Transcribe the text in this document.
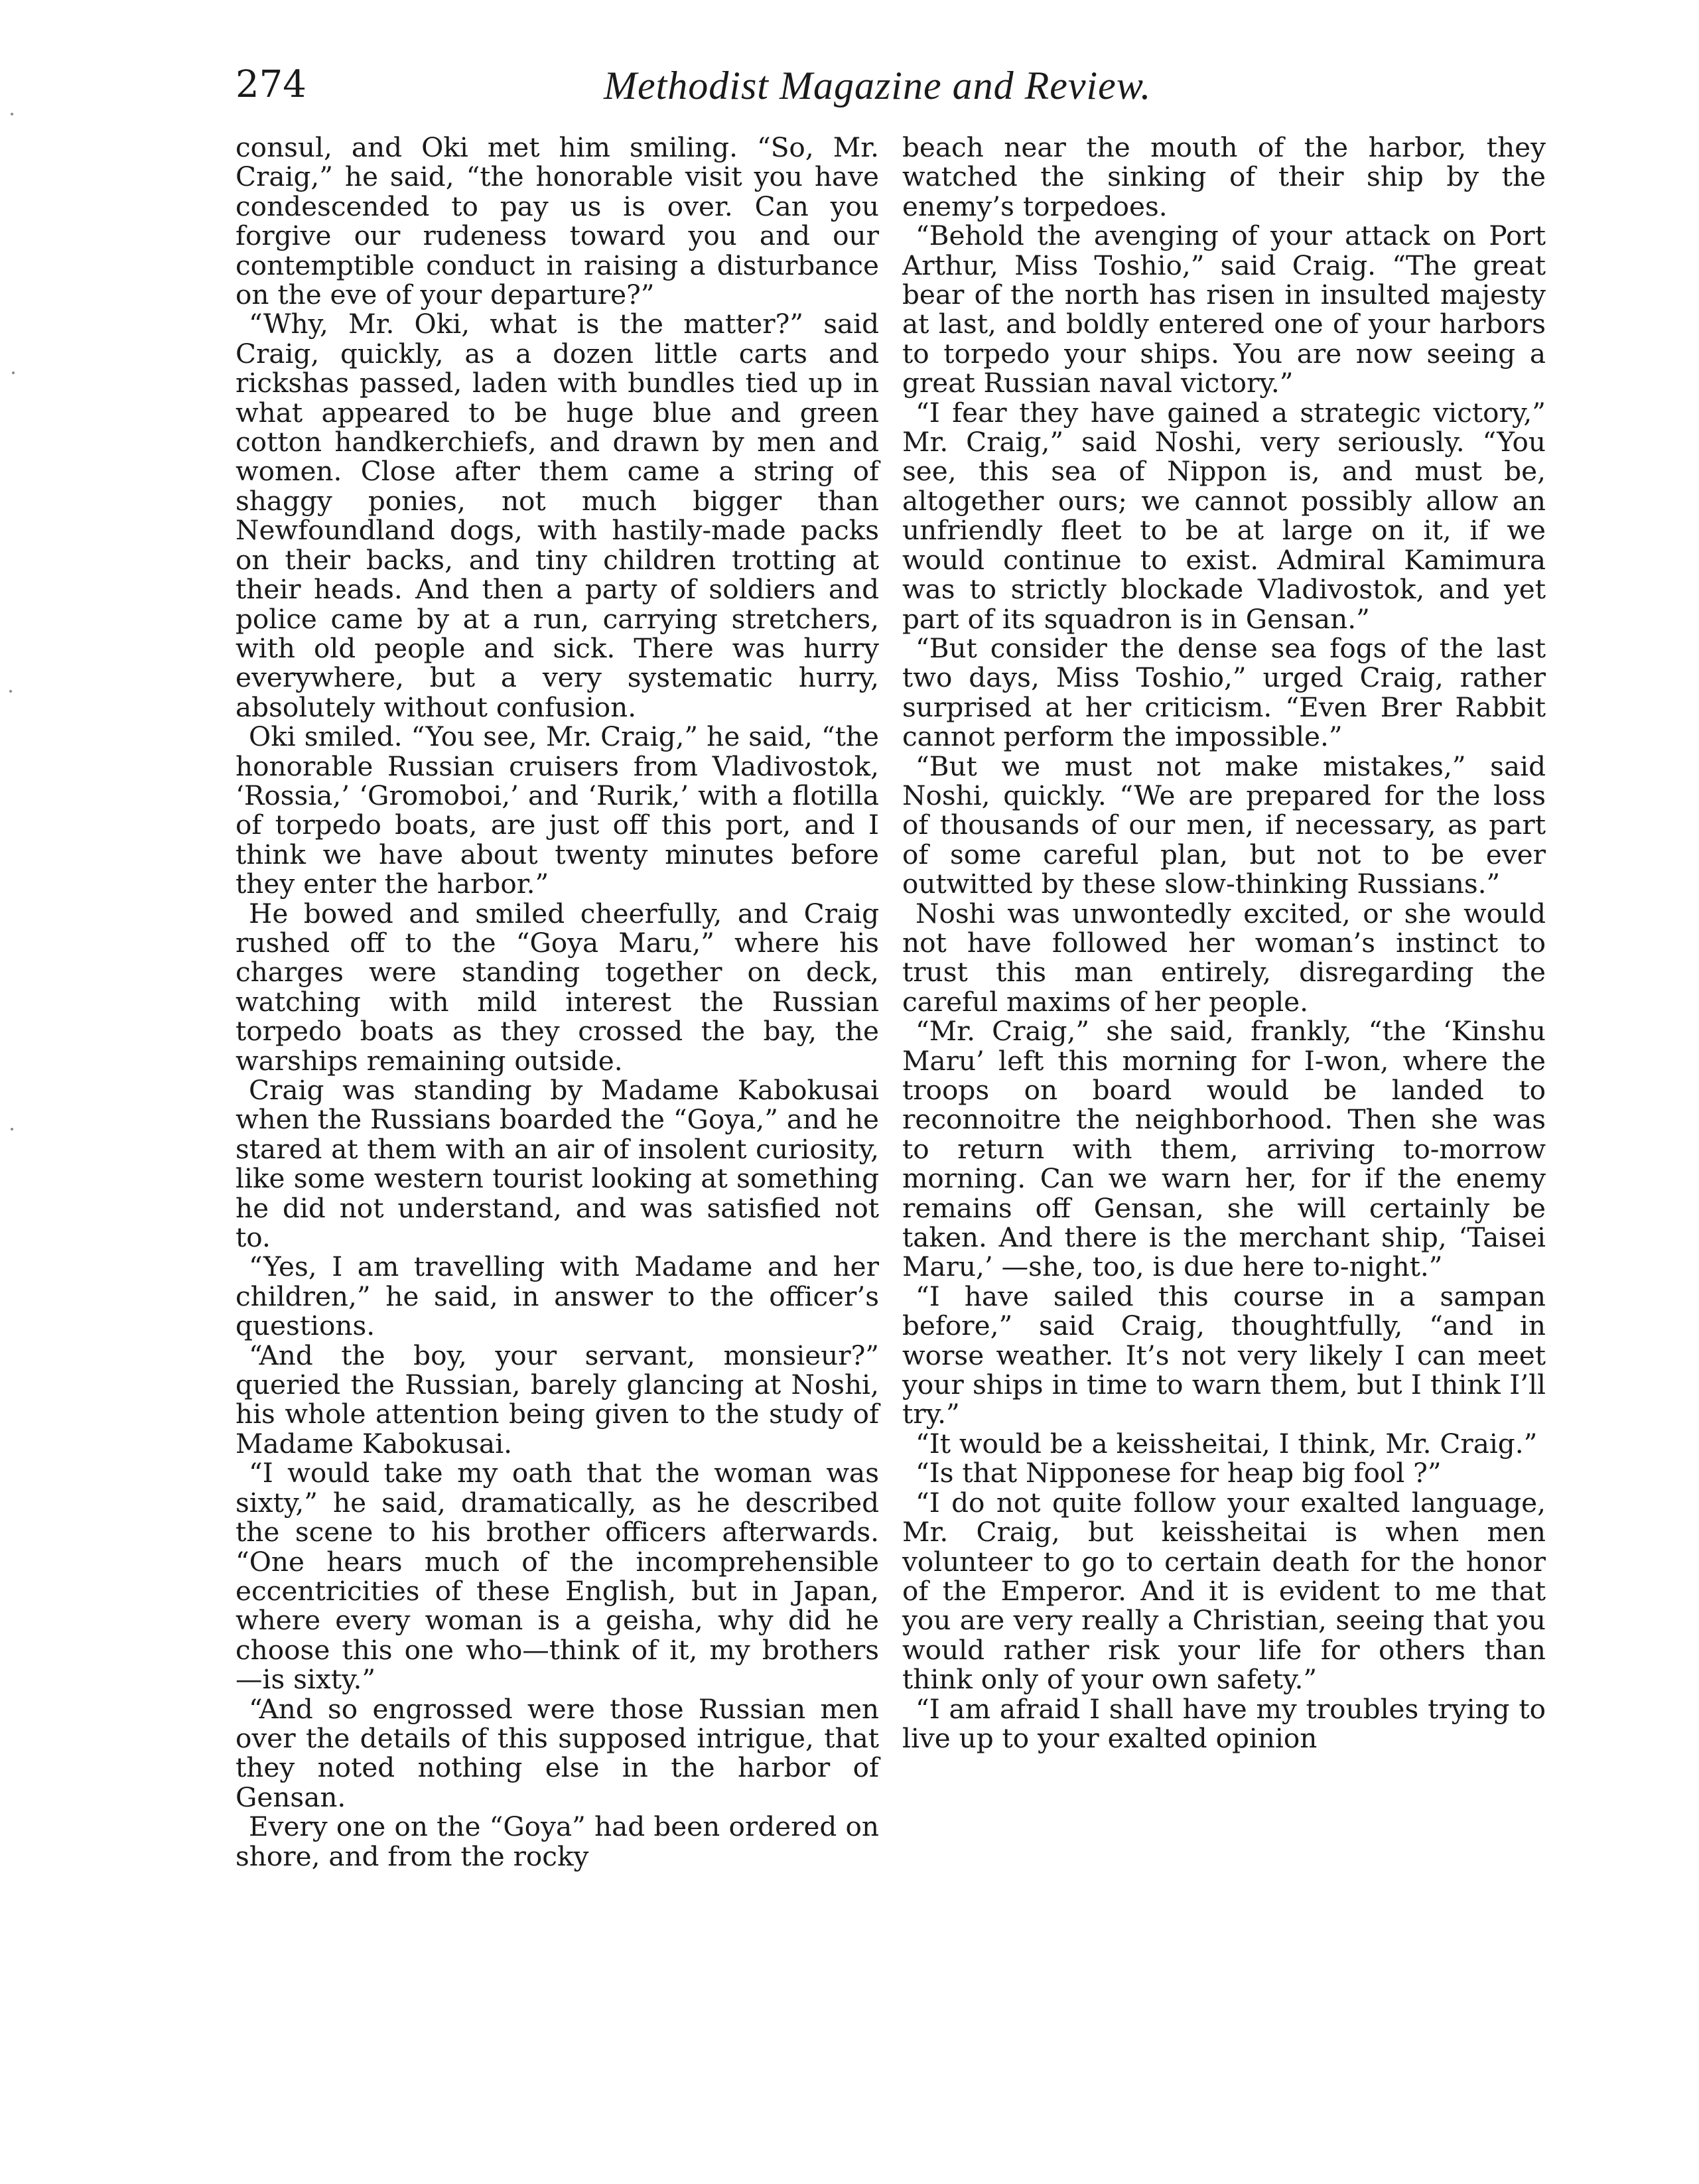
274	Methodist Magazine and Review.

consul, and Oki met him smiling. “So, Mr. Craig,” he said, “the honorable visit you have condescended to pay us is over. Can you forgive our rudeness toward you and our contemptible conduct in raising a disturbance on the eve of your departure?”

“Why, Mr. Oki, what is the matter?” said Craig, quickly, as a dozen little carts and rickshas passed, laden with bundles tied up in what appeared to be huge blue and green cotton handkerchiefs, and drawn by men and women. Close after them came a string of shaggy ponies, not much bigger than Newfoundland dogs, with hastily-made packs on their backs, and tiny children trotting at their heads. And then a party of soldiers and police came by at a run, carrying stretchers, with old people and sick. There was hurry everywhere, but a very systematic hurry, absolutely without confusion.

Oki smiled. “You see, Mr. Craig,” he said, “the honorable Russian cruisers from Vladivostok, ‘Rossia,’ ‘Gromoboi,’ and ‘Rurik,’ with a flotilla of torpedo boats, are just off this port, and I think we have about twenty minutes before they enter the harbor.”

He bowed and smiled cheerfully, and Craig rushed off to the “Goya Maru,” where his charges were standing together on deck, watching with mild interest the Russian torpedo boats as they crossed the bay, the warships remaining outside.

Craig was standing by Madame Kabokusai when the Russians boarded the “Goya,” and he stared at them with an air of insolent curiosity, like some western tourist looking at something he did not understand, and was satisfied not to.

“Yes, I am travelling with Madame and her children,” he said, in answer to the officer’s questions.

“And the boy, your servant, monsieur?” queried the Russian, barely glancing at Noshi, his whole attention being given to the study of Madame Kabokusai.

“I would take my oath that the woman was sixty,” he said, dramatically, as he described the scene to his brother officers afterwards. “One hears much of the incomprehensible eccentricities of these English, but in Japan, where every woman is a geisha, why did he choose this one who—think of it, my brothers—is sixty.”

“And so engrossed were those Russian men over the details of this supposed intrigue, that they noted nothing else in the harbor of Gensan.

Every one on the “Goya” had been ordered on shore, and from the rocky

beach near the mouth of the harbor, they watched the sinking of their ship by the enemy’s torpedoes.

“Behold the avenging of your attack on Port Arthur, Miss Toshio,” said Craig. “The great bear of the north has risen in insulted majesty at last, and boldly entered one of your harbors to torpedo your ships. You are now seeing a great Russian naval victory.”

“I fear they have gained a strategic victory,” Mr. Craig,” said Noshi, very seriously. “You see, this sea of Nippon is, and must be, altogether ours; we cannot possibly allow an unfriendly fleet to be at large on it, if we would continue to exist. Admiral Kamimura was to strictly blockade Vladivostok, and yet part of its squadron is in Gensan.”

“But consider the dense sea fogs of the last two days, Miss Toshio,” urged Craig, rather surprised at her criticism. “Even Brer Rabbit cannot perform the impossible.”

“But we must not make mistakes,” said Noshi, quickly. “We are prepared for the loss of thousands of our men, if necessary, as part of some careful plan, but not to be ever outwitted by these slow-thinking Russians.”

Noshi was unwontedly excited, or she would not have followed her woman’s instinct to trust this man entirely, disregarding the careful maxims of her people.

“Mr. Craig,” she said, frankly, “the ‘Kinshu Maru’ left this morning for I-won, where the troops on board would be landed to reconnoitre the neighborhood. Then she was to return with them, arriving to-morrow morning. Can we warn her, for if the enemy remains off Gensan, she will certainly be taken. And there is the merchant ship, ‘Taisei Maru,’ —she, too, is due here to-night.”

“I have sailed this course in a sampan before,” said Craig, thoughtfully, “and in worse weather. It’s not very likely I can meet your ships in time to warn them, but I think I’ll try.”

“It would be a keissheitai, I think, Mr. Craig.”

“Is that Nipponese for heap big fool ?”

“I do not quite follow your exalted language, Mr. Craig, but keissheitai is when men volunteer to go to certain death for the honor of the Emperor. And it is evident to me that you are very really a Christian, seeing that you would rather risk your life for others than think only of your own safety.”

“I am afraid I shall have my troubles trying to live up to your exalted opinion
